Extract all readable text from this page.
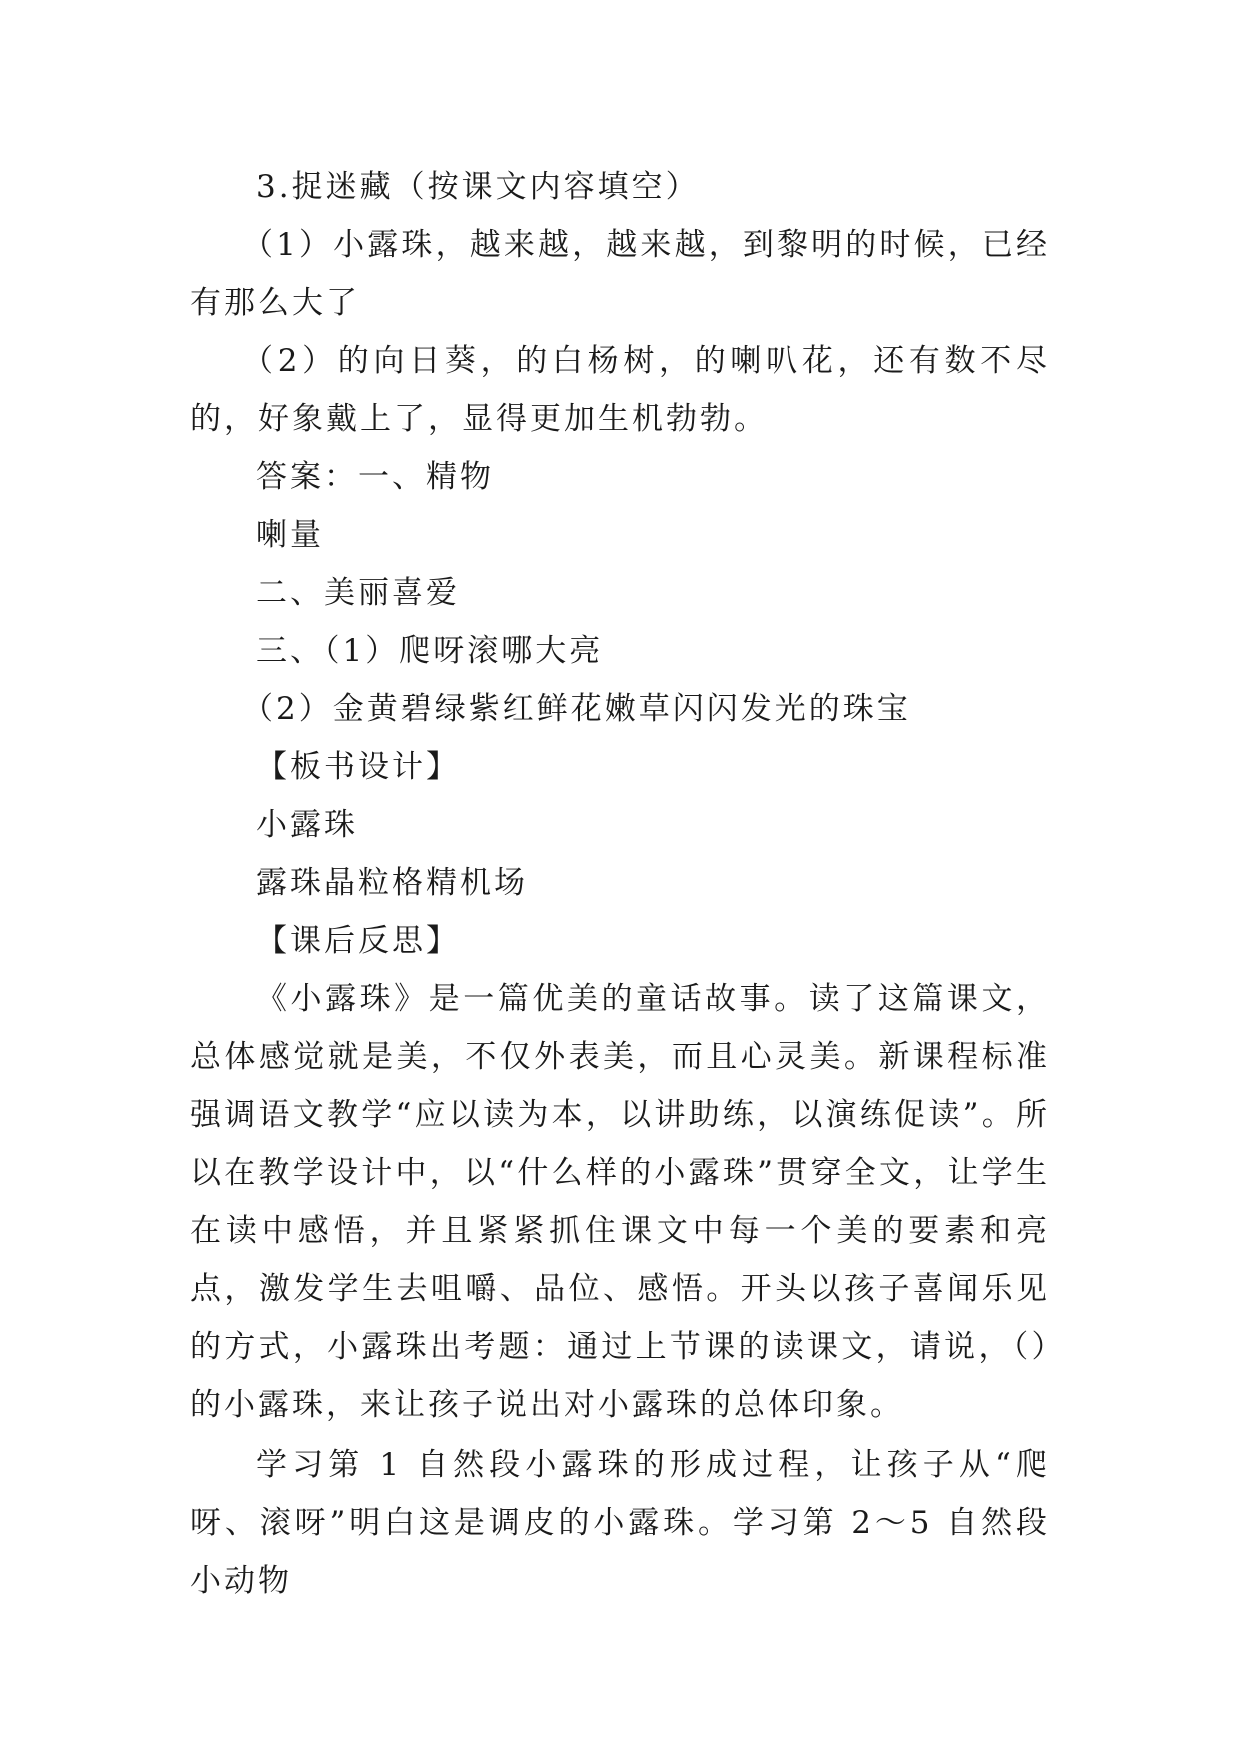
3.捉迷藏（按课文内容填空）

（1）小露珠，越来越，越来越，到黎明的时候，已经有那么大了

（2）的向日葵，的白杨树，的喇叭花，还有数不尽的，好象戴上了，显得更加生机勃勃。

答案：一、精物

喇量

二、美丽喜爱

三、（1）爬呀滚哪大亮

（2）金黄碧绿紫红鲜花嫩草闪闪发光的珠宝

【板书设计】

小露珠

露珠晶粒格精机场

【课后反思】

《小露珠》是一篇优美的童话故事。读了这篇课文，总体感觉就是美，不仅外表美，而且心灵美。新课程标准强调语文教学“应以读为本，以讲助练，以演练促读”。所以在教学设计中，以“什么样的小露珠”贯穿全文，让学生在读中感悟，并且紧紧抓住课文中每一个美的要素和亮点，激发学生去咀嚼、品位、感悟。开头以孩子喜闻乐见的方式，小露珠出考题：通过上节课的读课文，请说，（）的小露珠，来让孩子说出对小露珠的总体印象。

学习第 1 自然段小露珠的形成过程，让孩子从“爬呀、滚呀”明白这是调皮的小露珠。学习第 2～5 自然段小动物
